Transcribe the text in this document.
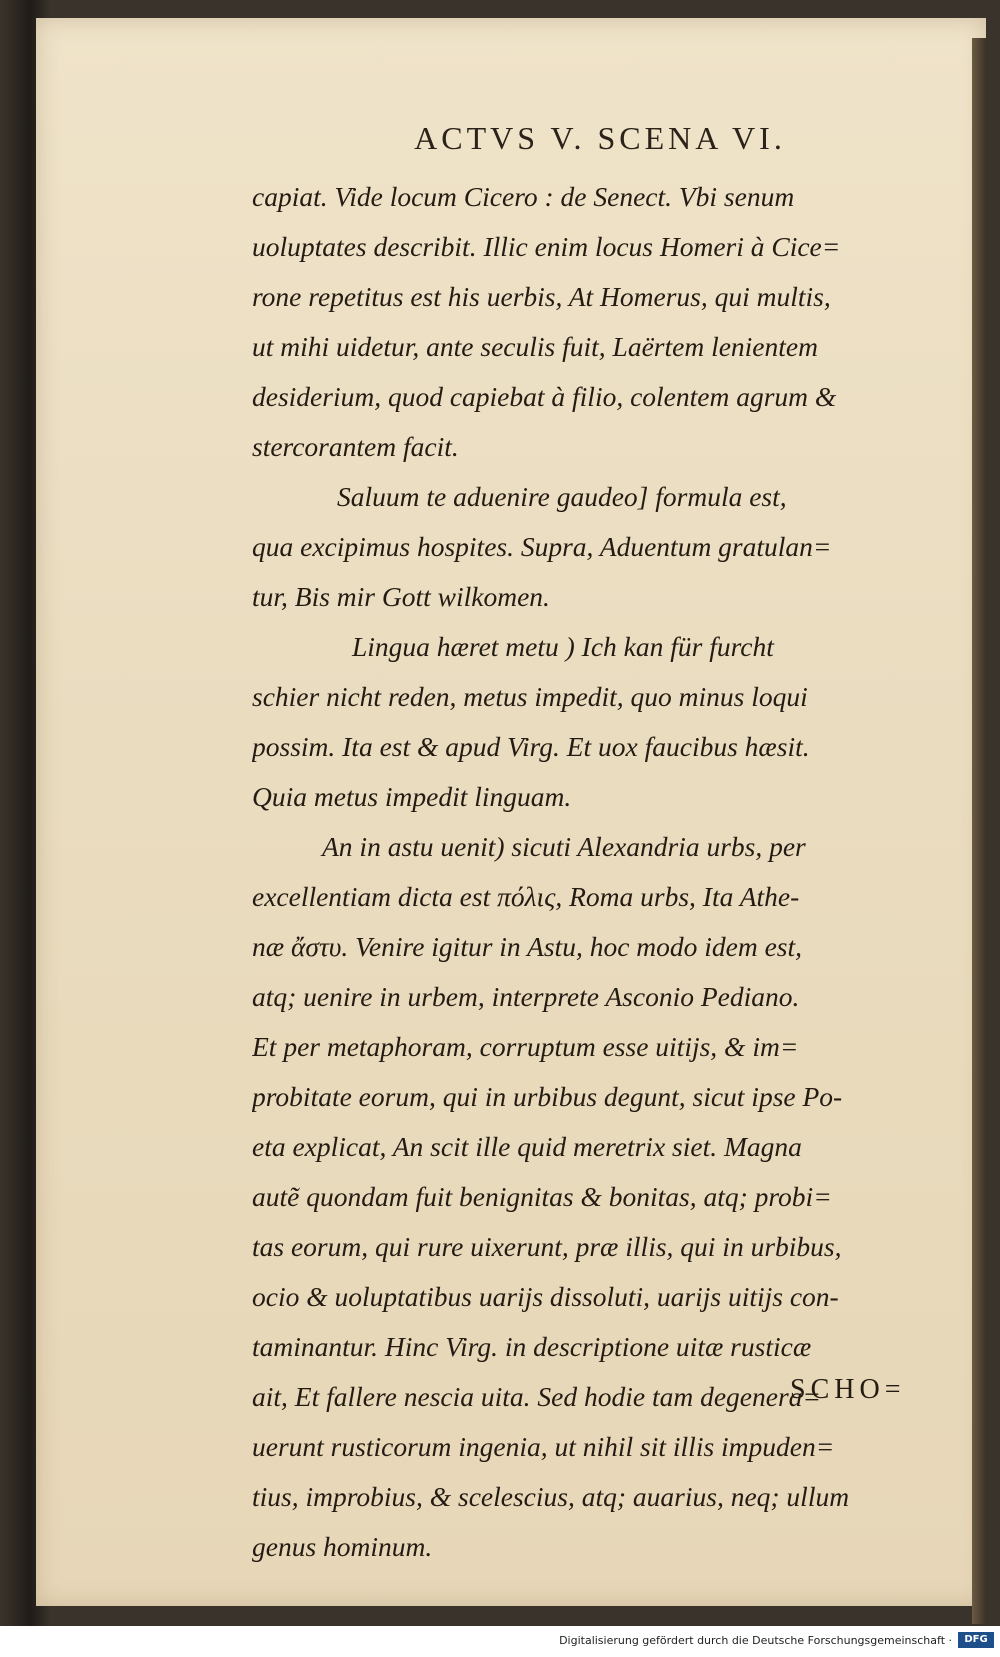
ACTVS V. SCENA VI.
capiat. Vide locum Cicero : de Senect. Vbi senum
uoluptates describit. Illic enim locus Homeri à Cice=
rone repetitus est his uerbis, At Homerus, qui multis,
ut mihi uidetur, ante seculis fuit, Laërtem lenientem
desiderium, quod capiebat à filio, colentem agrum &
stercorantem facit.
Saluum te aduenire gaudeo] formula est,
qua excipimus hospites. Supra, Aduentum gratulan=
tur, Bis mir Gott wilkomen.
Lingua hæret metu ) Ich kan für furcht
schier nicht reden, metus impedit, quo minus loqui
possim. Ita est & apud Virg. Et uox faucibus hæsit.
Quia metus impedit linguam.
An in astu uenit) sicuti Alexandria urbs, per
excellentiam dicta est πόλις, Roma urbs, Ita Athe-
næ ἄστυ. Venire igitur in Astu, hoc modo idem est,
atq; uenire in urbem, interprete Asconio Pediano.
Et per metaphoram, corruptum esse uitijs, & im=
probitate eorum, qui in urbibus degunt, sicut ipse Po-
eta explicat, An scit ille quid meretrix siet. Magna
autẽ quondam fuit benignitas & bonitas, atq; probi=
tas eorum, qui rure uixerunt, præ illis, qui in urbibus,
ocio & uoluptatibus uarijs dissoluti, uarijs uitijs con-
taminantur. Hinc Virg. in descriptione uitæ rusticæ
ait, Et fallere nescia uita. Sed hodie tam degenera=
uerunt rusticorum ingenia, ut nihil sit illis impuden=
tius, improbius, & scelescius, atq; auarius, neq; ullum
genus hominum.
SCHO=
Digitalisierung gefördert durch die Deutsche Forschungsgemeinschaft ·	DFG
